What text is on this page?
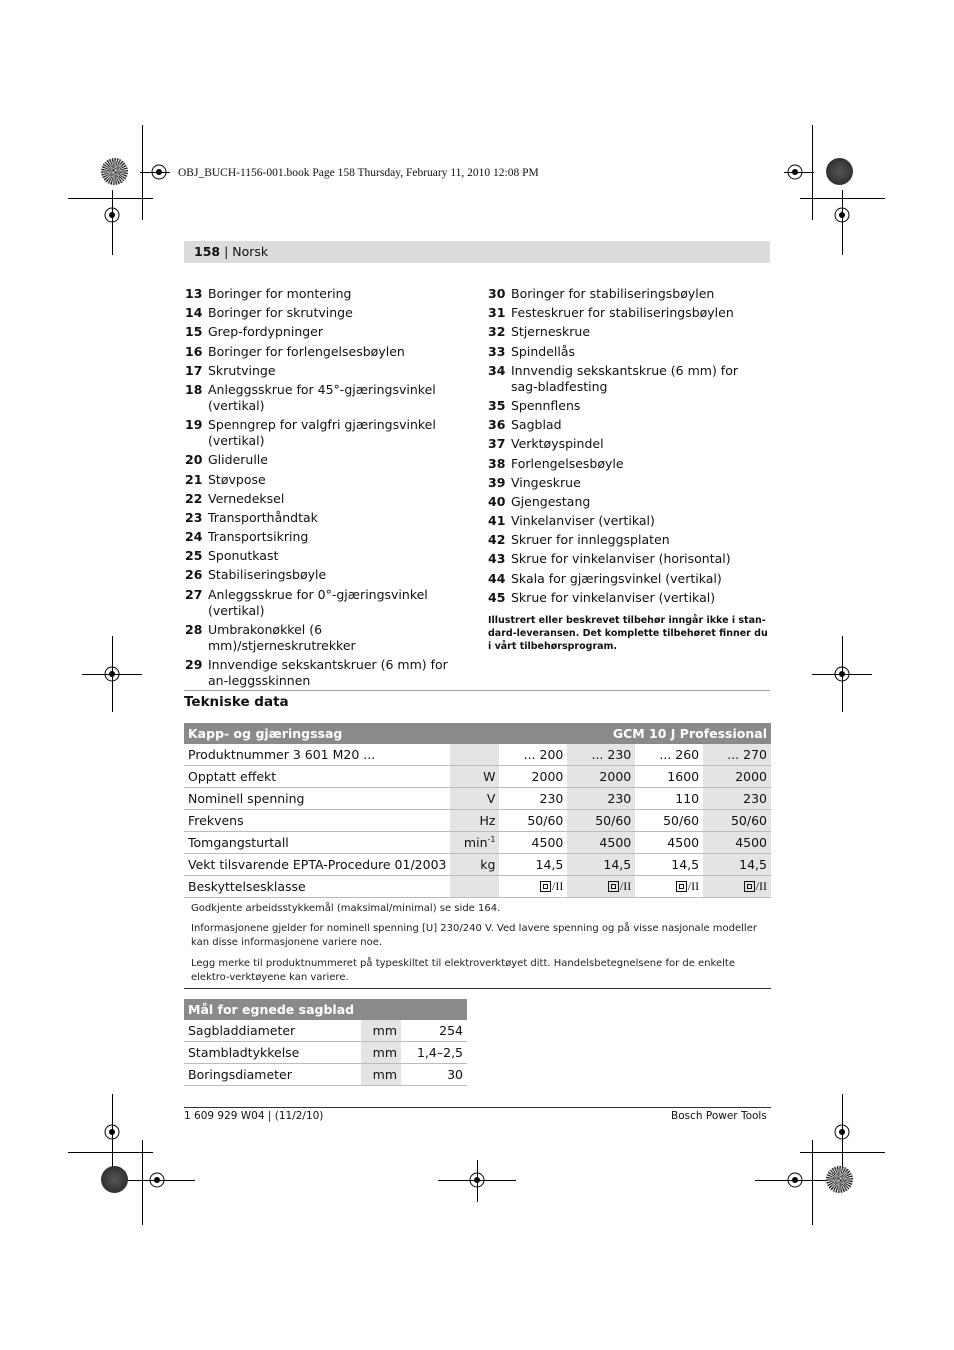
OBJ_BUCH-1156-001.book Page 158 Thursday, February 11, 2010 12:08 PM
158 | Norsk
13 Boringer for montering
14 Boringer for skrutvinge
15 Grep-fordypninger
16 Boringer for forlengelsesbøylen
17 Skrutvinge
18 Anleggsskrue for 45°-gjæringsvinkel (vertikal)
19 Spenngrep for valgfri gjæringsvinkel (vertikal)
20 Gliderulle
21 Støvpose
22 Vernedeksel
23 Transporthåndtak
24 Transportsikring
25 Sponutkast
26 Stabiliseringsbøyle
27 Anleggsskrue for 0°-gjæringsvinkel (vertikal)
28 Umbrakonøkkel (6 mm)/stjerneskrutrekker
29 Innvendige sekskantskruer (6 mm) for an-leggsskinnen
30 Boringer for stabiliseringsbøylen
31 Festeskruer for stabiliseringsbøylen
32 Stjerneskrue
33 Spindellås
34 Innvendig sekskantskrue (6 mm) for sag-bladfesting
35 Spennflens
36 Sagblad
37 Verktøyspindel
38 Forlengelsesbøyle
39 Vingeskrue
40 Gjengestang
41 Vinkelanviser (vertikal)
42 Skruer for innleggsplaten
43 Skrue for vinkelanviser (horisontal)
44 Skala for gjæringsvinkel (vertikal)
45 Skrue for vinkelanviser (vertikal)
Illustrert eller beskrevet tilbehør inngår ikke i stan-dard-leveransen. Det komplette tilbehøret finner du i vårt tilbehørsprogram.
Tekniske data
Kapp- og gjæringssag		GCM 10 J Professional			
Produktnummer 3 601 M20 ...		... 200	... 230	... 260	... 270
Opptatt effekt	W	2000	2000	1600	2000
Nominell spenning	V	230	230	110	230
Frekvens	Hz	50/60	50/60	50/60	50/60
Tomgangsturtall	$\min^{-1}$	4500	4500	4500	4500
Vekt tilsvarende EPTA-Procedure 01/2003	kg	14,5	14,5	14,5	14,5
Beskyttelsesklasse		/II	/II	/II	/II
Godkjente arbeidsstykkemål (maksimal/minimal) se side 164.
Informasjonene gjelder for nominell spenning [U] 230/240 V. Ved lavere spenning og på visse nasjonale modeller kan disse informasjonene variere noe.
Legg merke til produktnummeret på typeskiltet til elektroverktøyet ditt. Handelsbetegnelsene for de enkelte elektro-verktøyene kan variere.
Mål for egnede sagblad		
Sagbladdiameter	mm	254
Stambladtykkelse	mm	1,4–2,5
Boringsdiameter	mm	30
1 609 929 W04 | (11/2/10)	Bosch Power Tools
